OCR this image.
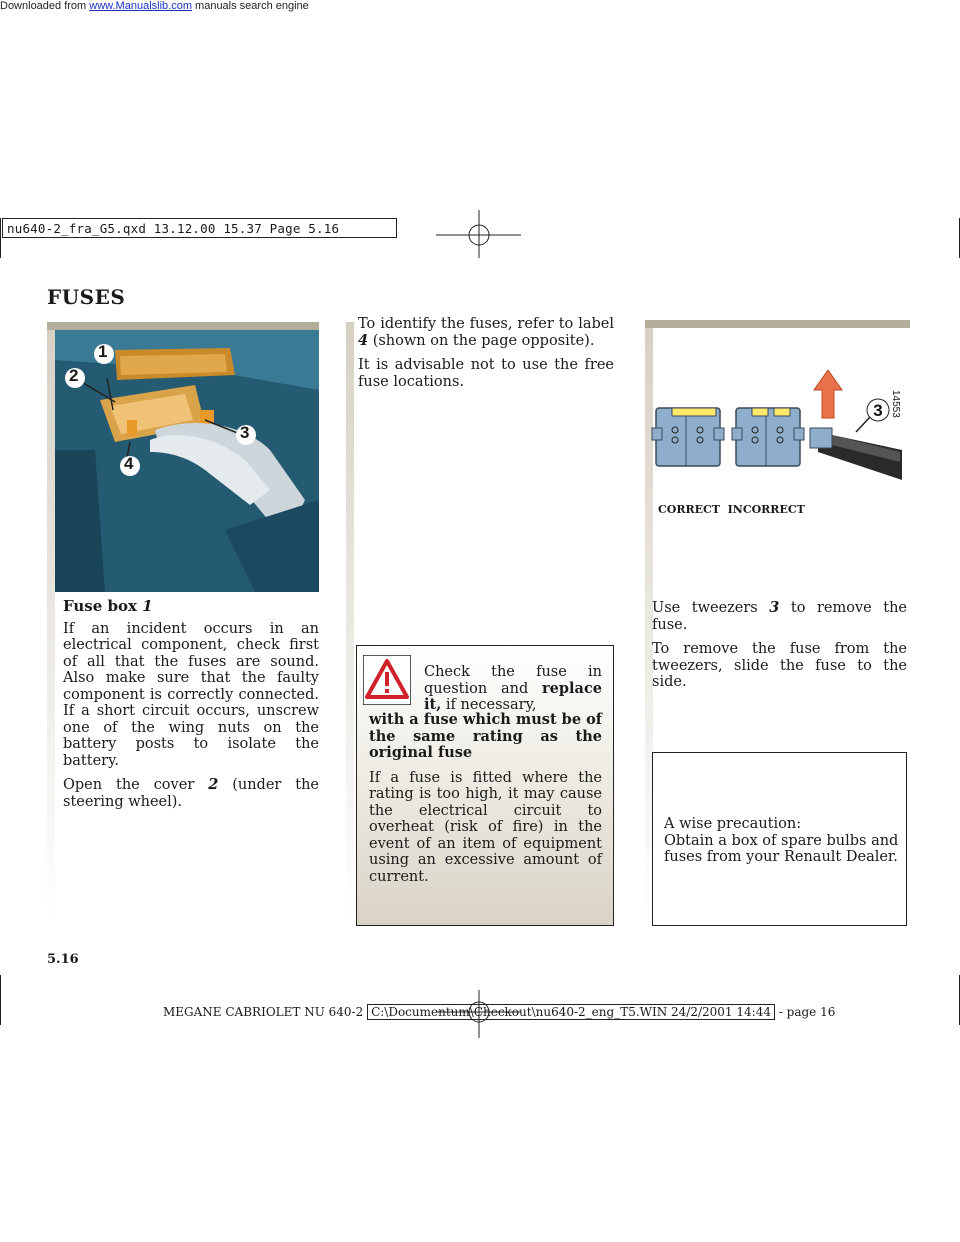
Downloaded from www.Manualslib.com manuals search engine
nu640-2_fra_G5.qxd 13.12.00 15.37 Page 5.16
FUSES
1
2
3
4

Fuse box 1

If an incident occurs in an electrical component, check first of all that the fuses are sound. Also make sure that the faulty component is correctly connected. If a short circuit occurs, unscrew one of the wing nuts on the battery posts to isolate the battery.

Open the cover 2 (under the steering wheel).

To identify the fuses, refer to label 4 (shown on the page opposite).

It is advisable not to use the free fuse locations.

Check the fuse in question and replace it, if necessary,

with a fuse which must be of the same rating as the original fuse

If a fuse is fitted where the rating is too high, it may cause the electrical circuit to overheat (risk of fire) in the event of an item of equipment using an excessive amount of current.

3 14553
CORRECT INCORRECT

Use tweezers 3 to remove the fuse.

To remove the fuse from the tweezers, slide the fuse to the side.

A wise precaution:
Obtain a box of spare bulbs and fuses from your Renault Dealer.
5.16
MEGANE CABRIOLET NU 640-2 C:\Documentum\Checkout\nu640-2_eng_T5.WIN 24/2/2001 14:44 - page 16
